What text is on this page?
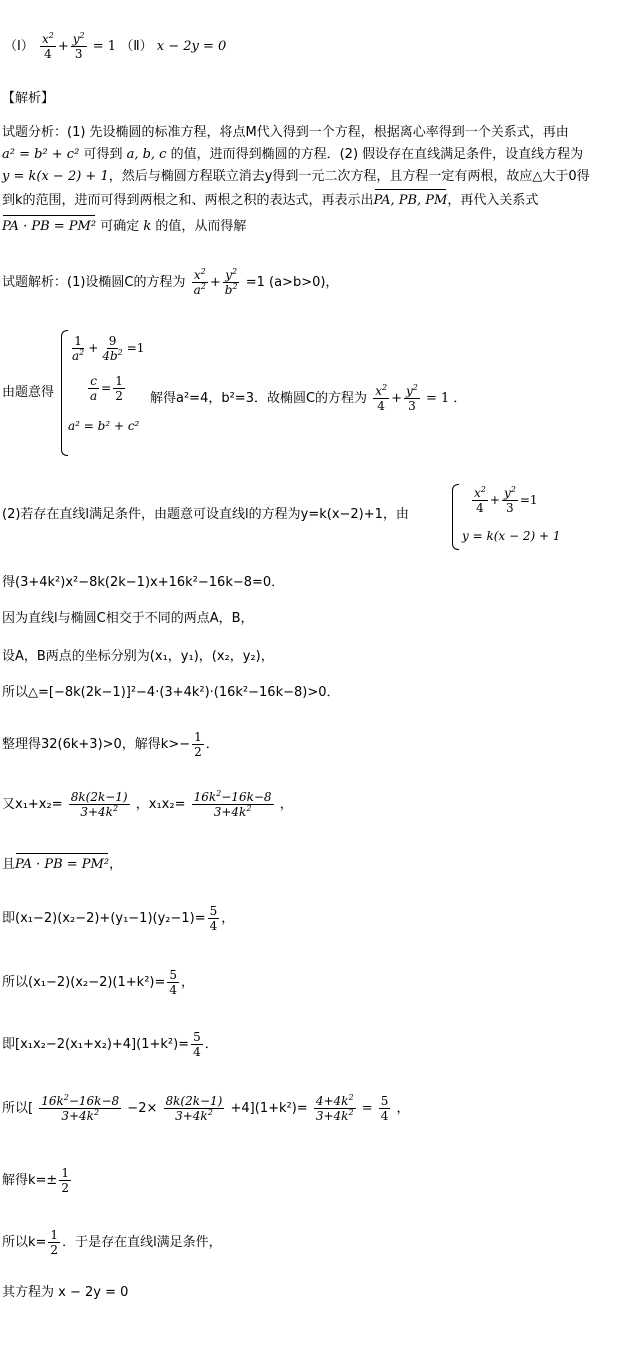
（Ⅰ） $\frac{x^2}{4} + \frac{y^2}{3} = 1$ （Ⅱ） x − 2y = 0
【解析】
试题分析：(1) 先设椭圆的标准方程，将点M代入得到一个方程，根据离心率得到一个关系式，再由
a² = b² + c² 可得到 a, b, c 的值，进而得到椭圆的方程．(2) 假设存在直线满足条件，设直线方程为
y = k(x − 2) + 1，然后与椭圆方程联立消去y得到一元二次方程，且方程一定有两根，故应△大于0得
到k的范围，进而可得到两根之和、两根之积的表达式，再表示出PA, PB, PM，再代入关系式
PA · PB = PM² 可确定 k 的值，从而得解
试题解析：(1)设椭圆C的方程为 $\frac{x^2}{a^2} + \frac{y^2}{b^2} =1$ (a>b>0)，
$\frac{1}{a^2} + \frac{9}{4b^2} =1$
$\frac{c}{a} = \frac{1}{2}$
a² = b² + c²
由题意得	解得a²=4，b²=3．故椭圆C的方程为 $\frac{x^2}{4} + \frac{y^2}{3} = 1$ ．
(2)若存在直线l满足条件，由题意可设直线l的方程为y=k(x−2)+1，由	$\frac{x^2}{4} + \frac{y^2}{3} =1$
y = k(x − 2) + 1
得(3+4k²)x²−8k(2k−1)x+16k²−16k−8=0．
因为直线l与椭圆C相交于不同的两点A，B，
设A，B两点的坐标分别为(x₁，y₁)，(x₂，y₂)，
所以△=[−8k(2k−1)]²−4·(3+4k²)·(16k²−16k−8)>0．
整理得32(6k+3)>0，解得$k>- \frac{1}{2}$ ．
又$x_1+x_2= \frac{8k(2k-1)}{3+4k^2}$ ，$x_1x_2= \frac{16k^2-16k-8}{3+4k^2}$ ，
且PA · PB = PM²，
即$(x_1-2)(x_2-2)+(y_1-1)(y_2-1)= \frac{5}{4}$ ，
所以$(x_1-2)(x_2-2)(1+k^2)= \frac{5}{4}$ ，
即$[x_1x_2-2(x_1+x_2)+4](1+k^2)= \frac{5}{4}$ ．
所以[ $\frac{16k^2-16k-8}{3+4k^2} -2\times \frac{8k(2k-1)}{3+4k^2} +4](1+k^2)= \frac{4+4k^2}{3+4k^2} = \frac{5}{4}$ ，
解得$k=\pm \frac{1}{2}$
所以$k= \frac{1}{2}$ ．于是存在直线l满足条件，
其方程为 x − 2y = 0
